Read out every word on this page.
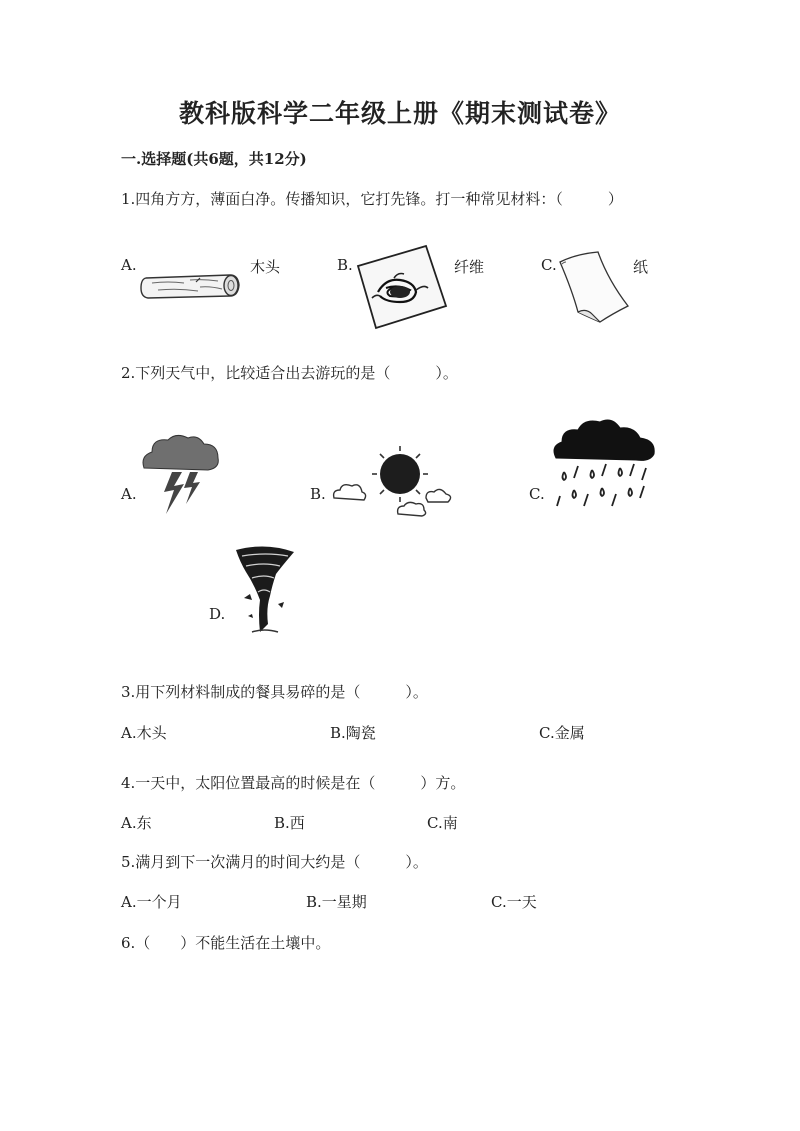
教科版科学二年级上册《期末测试卷》
一.选择题(共6题，共12分)
1.四角方方，薄面白净。传播知识，它打先锋。打一种常见材料：（　　　）
A.	木头	B.	纤维	C.	纸
2.下列天气中，比较适合出去游玩的是（　　　）。
A.	B.	C.
D.
3.用下列材料制成的餐具易碎的是（　　　）。
A.木头	B.陶瓷	C.金属
4.一天中，太阳位置最高的时候是在（　　　）方。
A.东	B.西	C.南
5.满月到下一次满月的时间大约是（　　　）。
A.一个月	B.一星期	C.一天
6.（　　）不能生活在土壤中。
